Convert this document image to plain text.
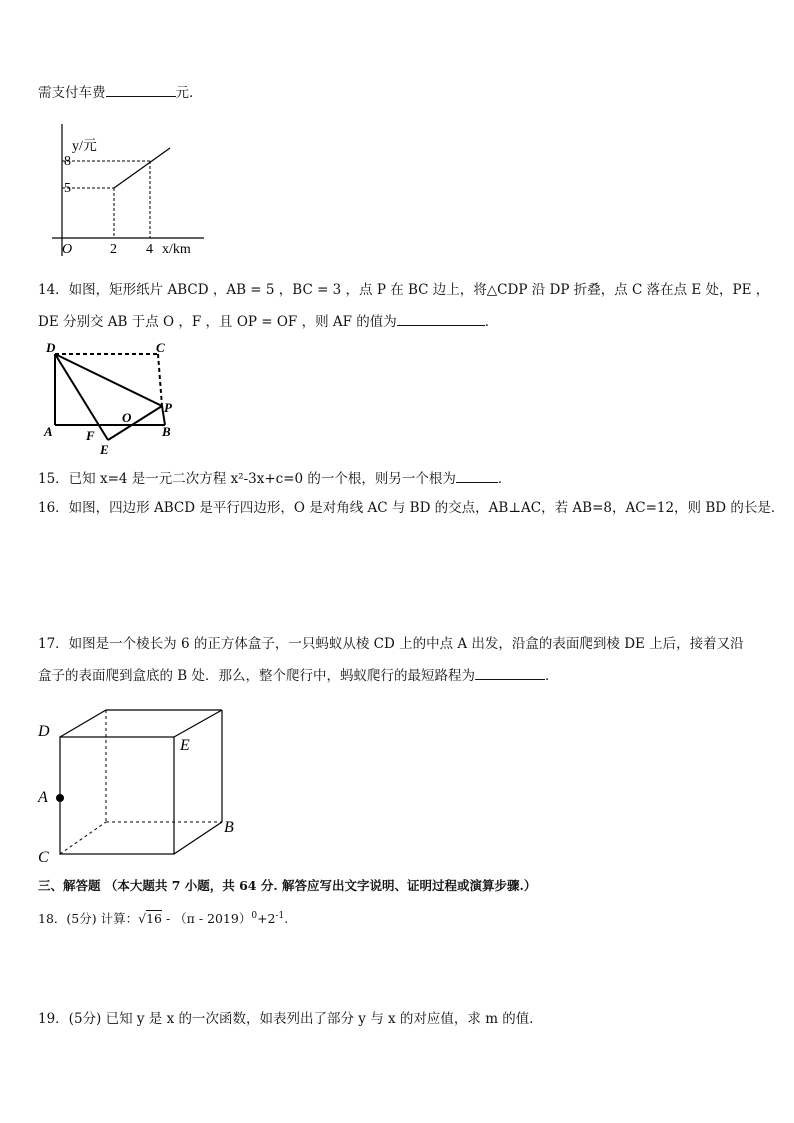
需支付车费	元．
y/元
8
5
O	2 4 x/km
14．如图，矩形纸片 ABCD ，AB = 5 ，BC = 3 ，点 P 在 BC 边上，将△CDP 沿 DP 折叠，点 C 落在点 E 处，PE ，
DE 分别交 AB 于点 O ，F ，且 OP = OF ，则 AF 的值为	．
D	C
A	F
O
P
B
E
15．已知 x=4 是一元二次方程 x²-3x+c=0 的一个根，则另一个根为	．
16．如图，四边形 ABCD 是平行四边形，O 是对角线 AC 与 BD 的交点，AB⊥AC，若 AB=8，AC=12，则 BD 的长是．
17．如图是一个棱长为 6 的正方体盒子，一只蚂蚁从棱 CD 上的中点 A 出发，沿盒的表面爬到棱 DE 上后，接着又沿
盒子的表面爬到盒底的 B 处．那么，整个爬行中，蚂蚁爬行的最短路程为	．
D
E
A
B
C
三、解答题 （本大题共 7 小题，共 64 分. 解答应写出文字说明、证明过程或演算步骤.）
18．(5分) 计算：$√16 - (\pi - 2019)^0+2^{-1}$.
19．(5分) 已知 y 是 x 的一次函数，如表列出了部分 y 与 x 的对应值，求 m 的值．
